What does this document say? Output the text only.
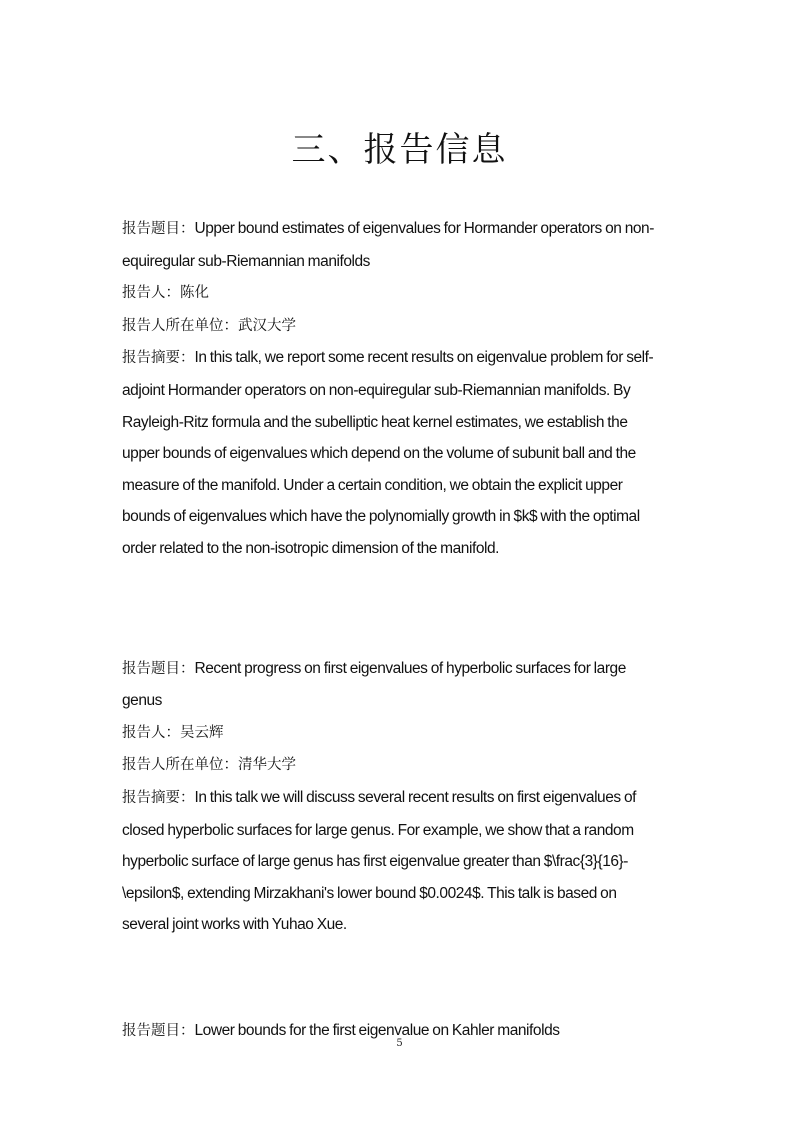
三、报告信息

报告题目：Upper bound estimates of eigenvalues for Hormander operators on non-

equiregular sub-Riemannian manifolds

报告人：陈化

报告人所在单位：武汉大学

报告摘要：In this talk, we report some recent results on eigenvalue problem for self-

adjoint Hormander operators on non-equiregular sub-Riemannian manifolds. By

Rayleigh-Ritz formula and the subelliptic heat kernel estimates, we establish the

upper bounds of eigenvalues which depend on the volume of subunit ball and the

measure of the manifold. Under a certain condition, we obtain the explicit upper

bounds of eigenvalues which have the polynomially growth in $k$ with the optimal

order related to the non-isotropic dimension of the manifold.

报告题目：Recent progress on first eigenvalues of hyperbolic surfaces for large

genus

报告人：吴云辉

报告人所在单位：清华大学

报告摘要：In this talk we will discuss several recent results on first eigenvalues of

closed hyperbolic surfaces for large genus. For example, we show that a random

hyperbolic surface of large genus has first eigenvalue greater than $\frac{3}{16}-

\epsilon$, extending Mirzakhani's lower bound $0.0024$. This talk is based on

several joint works with Yuhao Xue.

报告题目：Lower bounds for the first eigenvalue on Kahler manifolds

5
